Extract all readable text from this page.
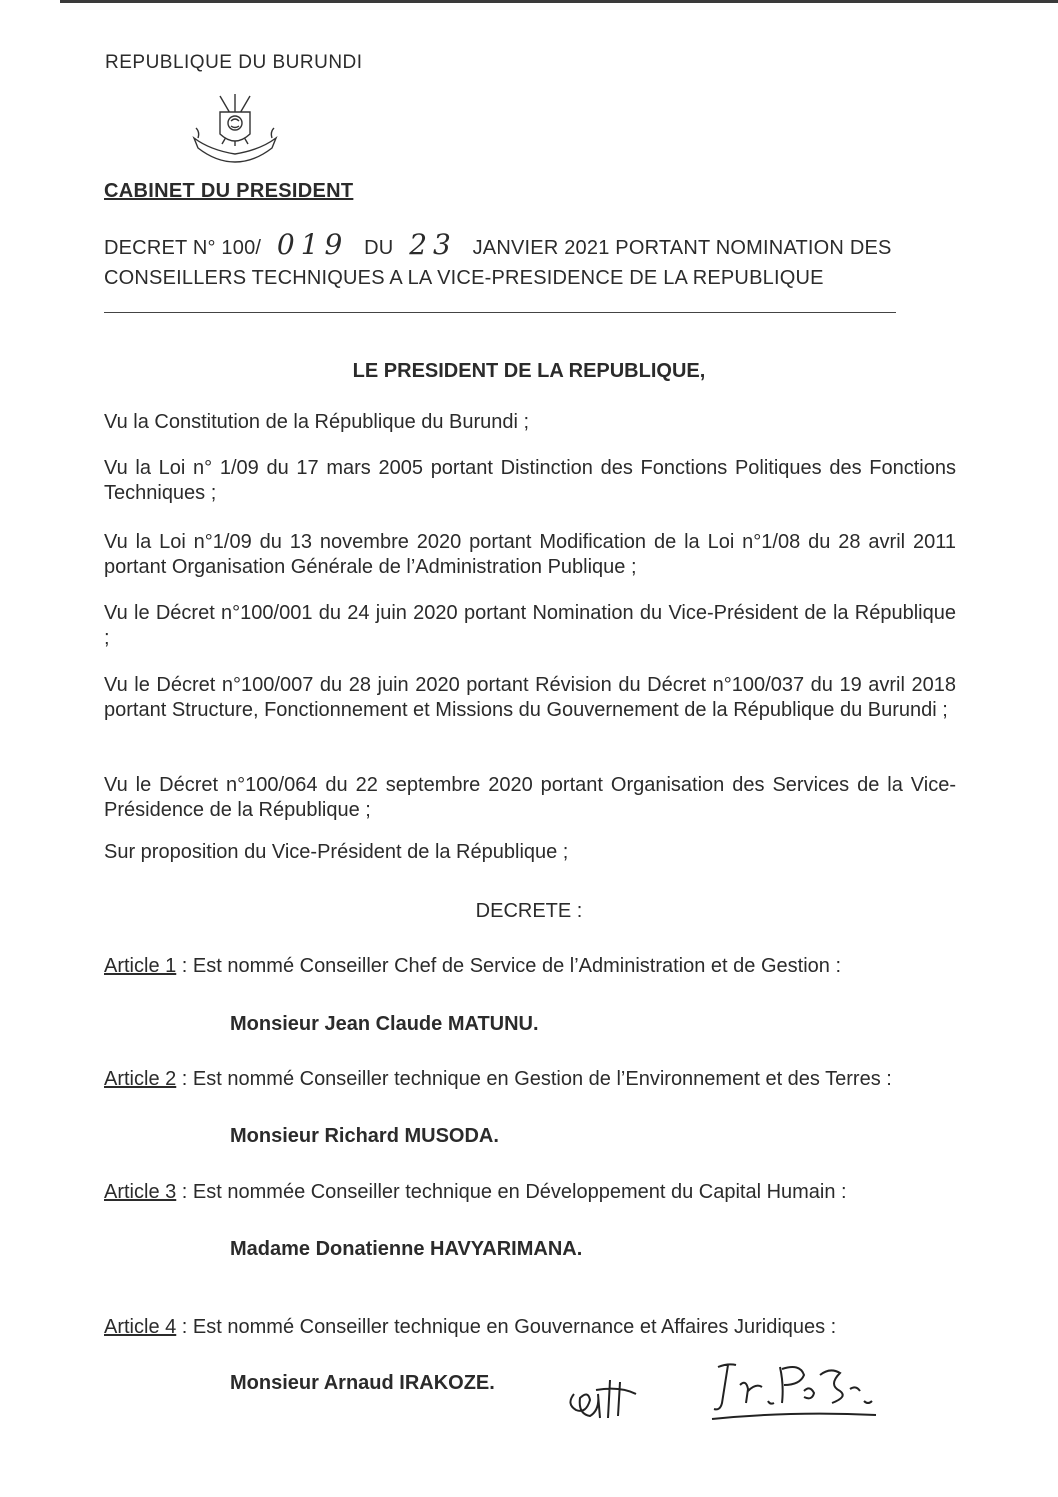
REPUBLIQUE DU BURUNDI
CABINET DU PRESIDENT
DECRET N° 100/ 019 DU 23 JANVIER 2021 PORTANT NOMINATION DES
CONSEILLERS TECHNIQUES A LA VICE-PRESIDENCE DE LA REPUBLIQUE
LE PRESIDENT DE LA REPUBLIQUE,
Vu la Constitution de la République du Burundi ;
Vu la Loi n° 1/09 du 17 mars 2005 portant Distinction des Fonctions Politiques des Fonctions Techniques ;
Vu la Loi n°1/09 du 13 novembre 2020 portant Modification de la Loi n°1/08 du 28 avril 2011 portant Organisation Générale de l’Administration Publique ;
Vu le Décret n°100/001 du 24 juin 2020 portant Nomination du Vice-Président de la République ;
Vu le Décret n°100/007 du 28 juin 2020 portant Révision du Décret n°100/037 du 19 avril 2018 portant Structure, Fonctionnement et Missions du Gouvernement de la République du Burundi ;
Vu le Décret n°100/064 du 22 septembre 2020 portant Organisation des Services de la Vice-Présidence de la République ;
Sur proposition du Vice-Président de la République ;
DECRETE :
Article 1 : Est nommé Conseiller Chef de Service de l’Administration et de Gestion :
Monsieur Jean Claude MATUNU.
Article 2 : Est nommé Conseiller technique en Gestion de l’Environnement et des Terres :
Monsieur Richard MUSODA.
Article 3 : Est nommée Conseiller technique en Développement du Capital Humain :
Madame Donatienne HAVYARIMANA.
Article 4 : Est nommé Conseiller technique en Gouvernance et Affaires Juridiques :
Monsieur Arnaud IRAKOZE.
